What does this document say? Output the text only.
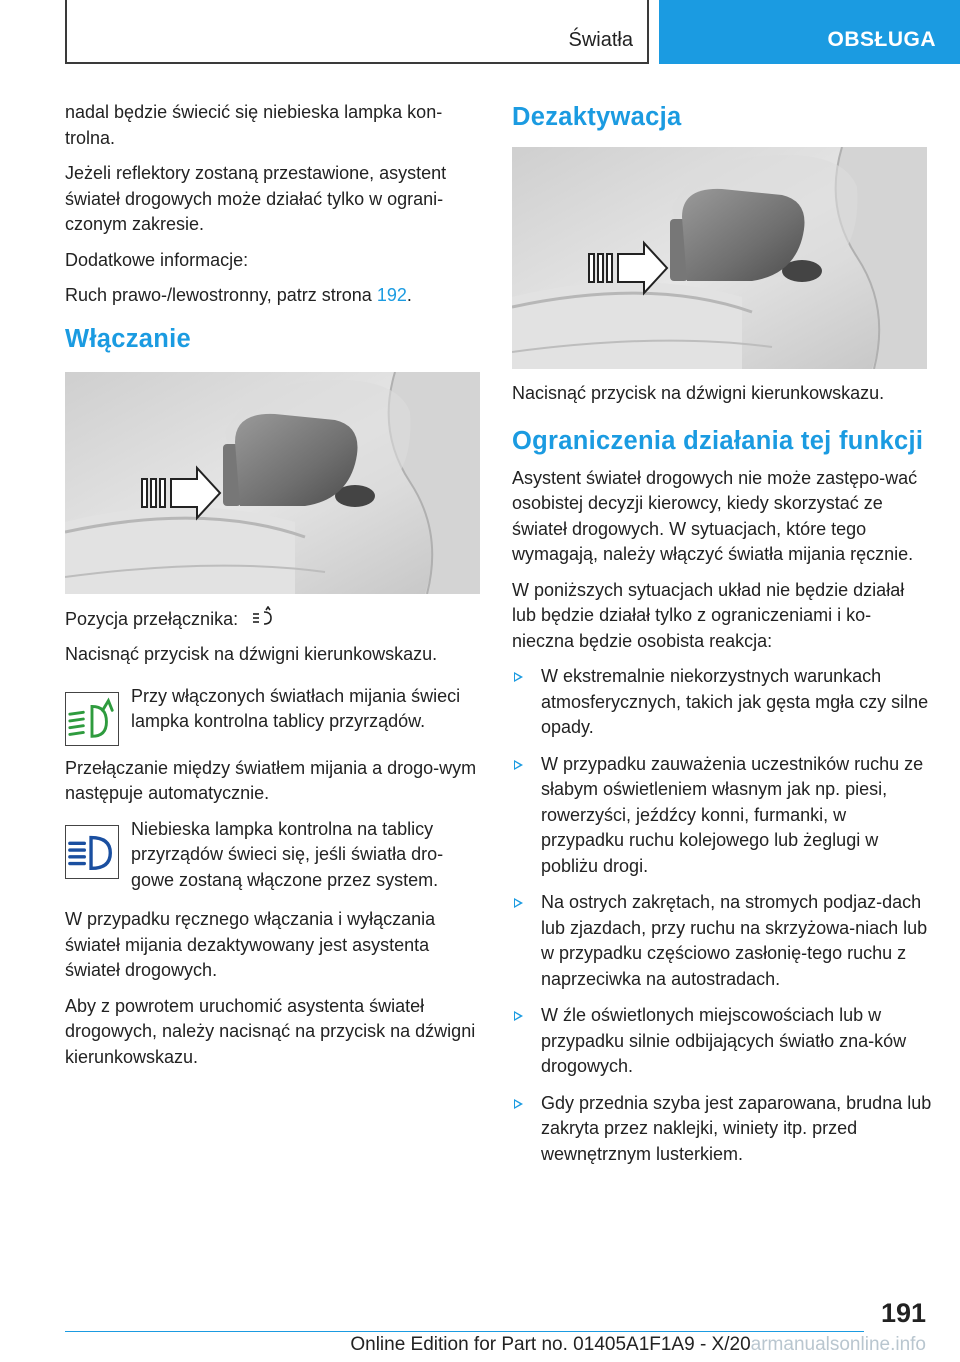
Światła	OBSŁUGA

nadal będzie świecić się niebieska lampka kon-trolna.

Jeżeli reflektory zostaną przestawione, asystent świateł drogowych może działać tylko w ograni-czonym zakresie.

Dodatkowe informacje:

Ruch prawo-/lewostronny, patrz strona 192.

Włączanie

Pozycja przełącznika:

Nacisnąć przycisk na dźwigni kierunkowskazu.

Przy włączonych światłach mijania świeci lampka kontrolna tablicy przyrządów.

Przełączanie między światłem mijania a drogo-wym następuje automatycznie.

Niebieska lampka kontrolna na tablicy przyrządów świeci się, jeśli światła dro-gowe zostaną włączone przez system.

W przypadku ręcznego włączania i wyłączania świateł mijania dezaktywowany jest asystenta świateł drogowych.

Aby z powrotem uruchomić asystenta świateł drogowych, należy nacisnąć na przycisk na dźwigni kierunkowskazu.

Dezaktywacja

Nacisnąć przycisk na dźwigni kierunkowskazu.

Ograniczenia działania tej funkcji

Asystent świateł drogowych nie może zastępo-wać osobistej decyzji kierowcy, kiedy skorzystać ze świateł drogowych. W sytuacjach, które tego wymagają, należy włączyć światła mijania ręcznie.

W poniższych sytuacjach układ nie będzie działał lub będzie działał tylko z ograniczeniami i ko-nieczna będzie osobista reakcja:

W ekstremalnie niekorzystnych warunkach atmosferycznych, takich jak gęsta mgła czy silne opady.

W przypadku zauważenia uczestników ruchu ze słabym oświetleniem własnym jak np. piesi, rowerzyści, jeźdźcy konni, furmanki, w przypadku ruchu kolejowego lub żeglugi w pobliżu drogi.

Na ostrych zakrętach, na stromych podjaz-dach lub zjazdach, przy ruchu na skrzyżowa-niach lub w przypadku częściowo zasłonię-tego ruchu z naprzeciwka na autostradach.

W źle oświetlonych miejscowościach lub w przypadku silnie odbijających światło zna-ków drogowych.

Gdy przednia szyba jest zaparowana, brudna lub zakryta przez naklejki, winiety itp. przed wewnętrznym lusterkiem.

191
Online Edition for Part no. 01405A1F1A9 - X/20armanualsonline.info
